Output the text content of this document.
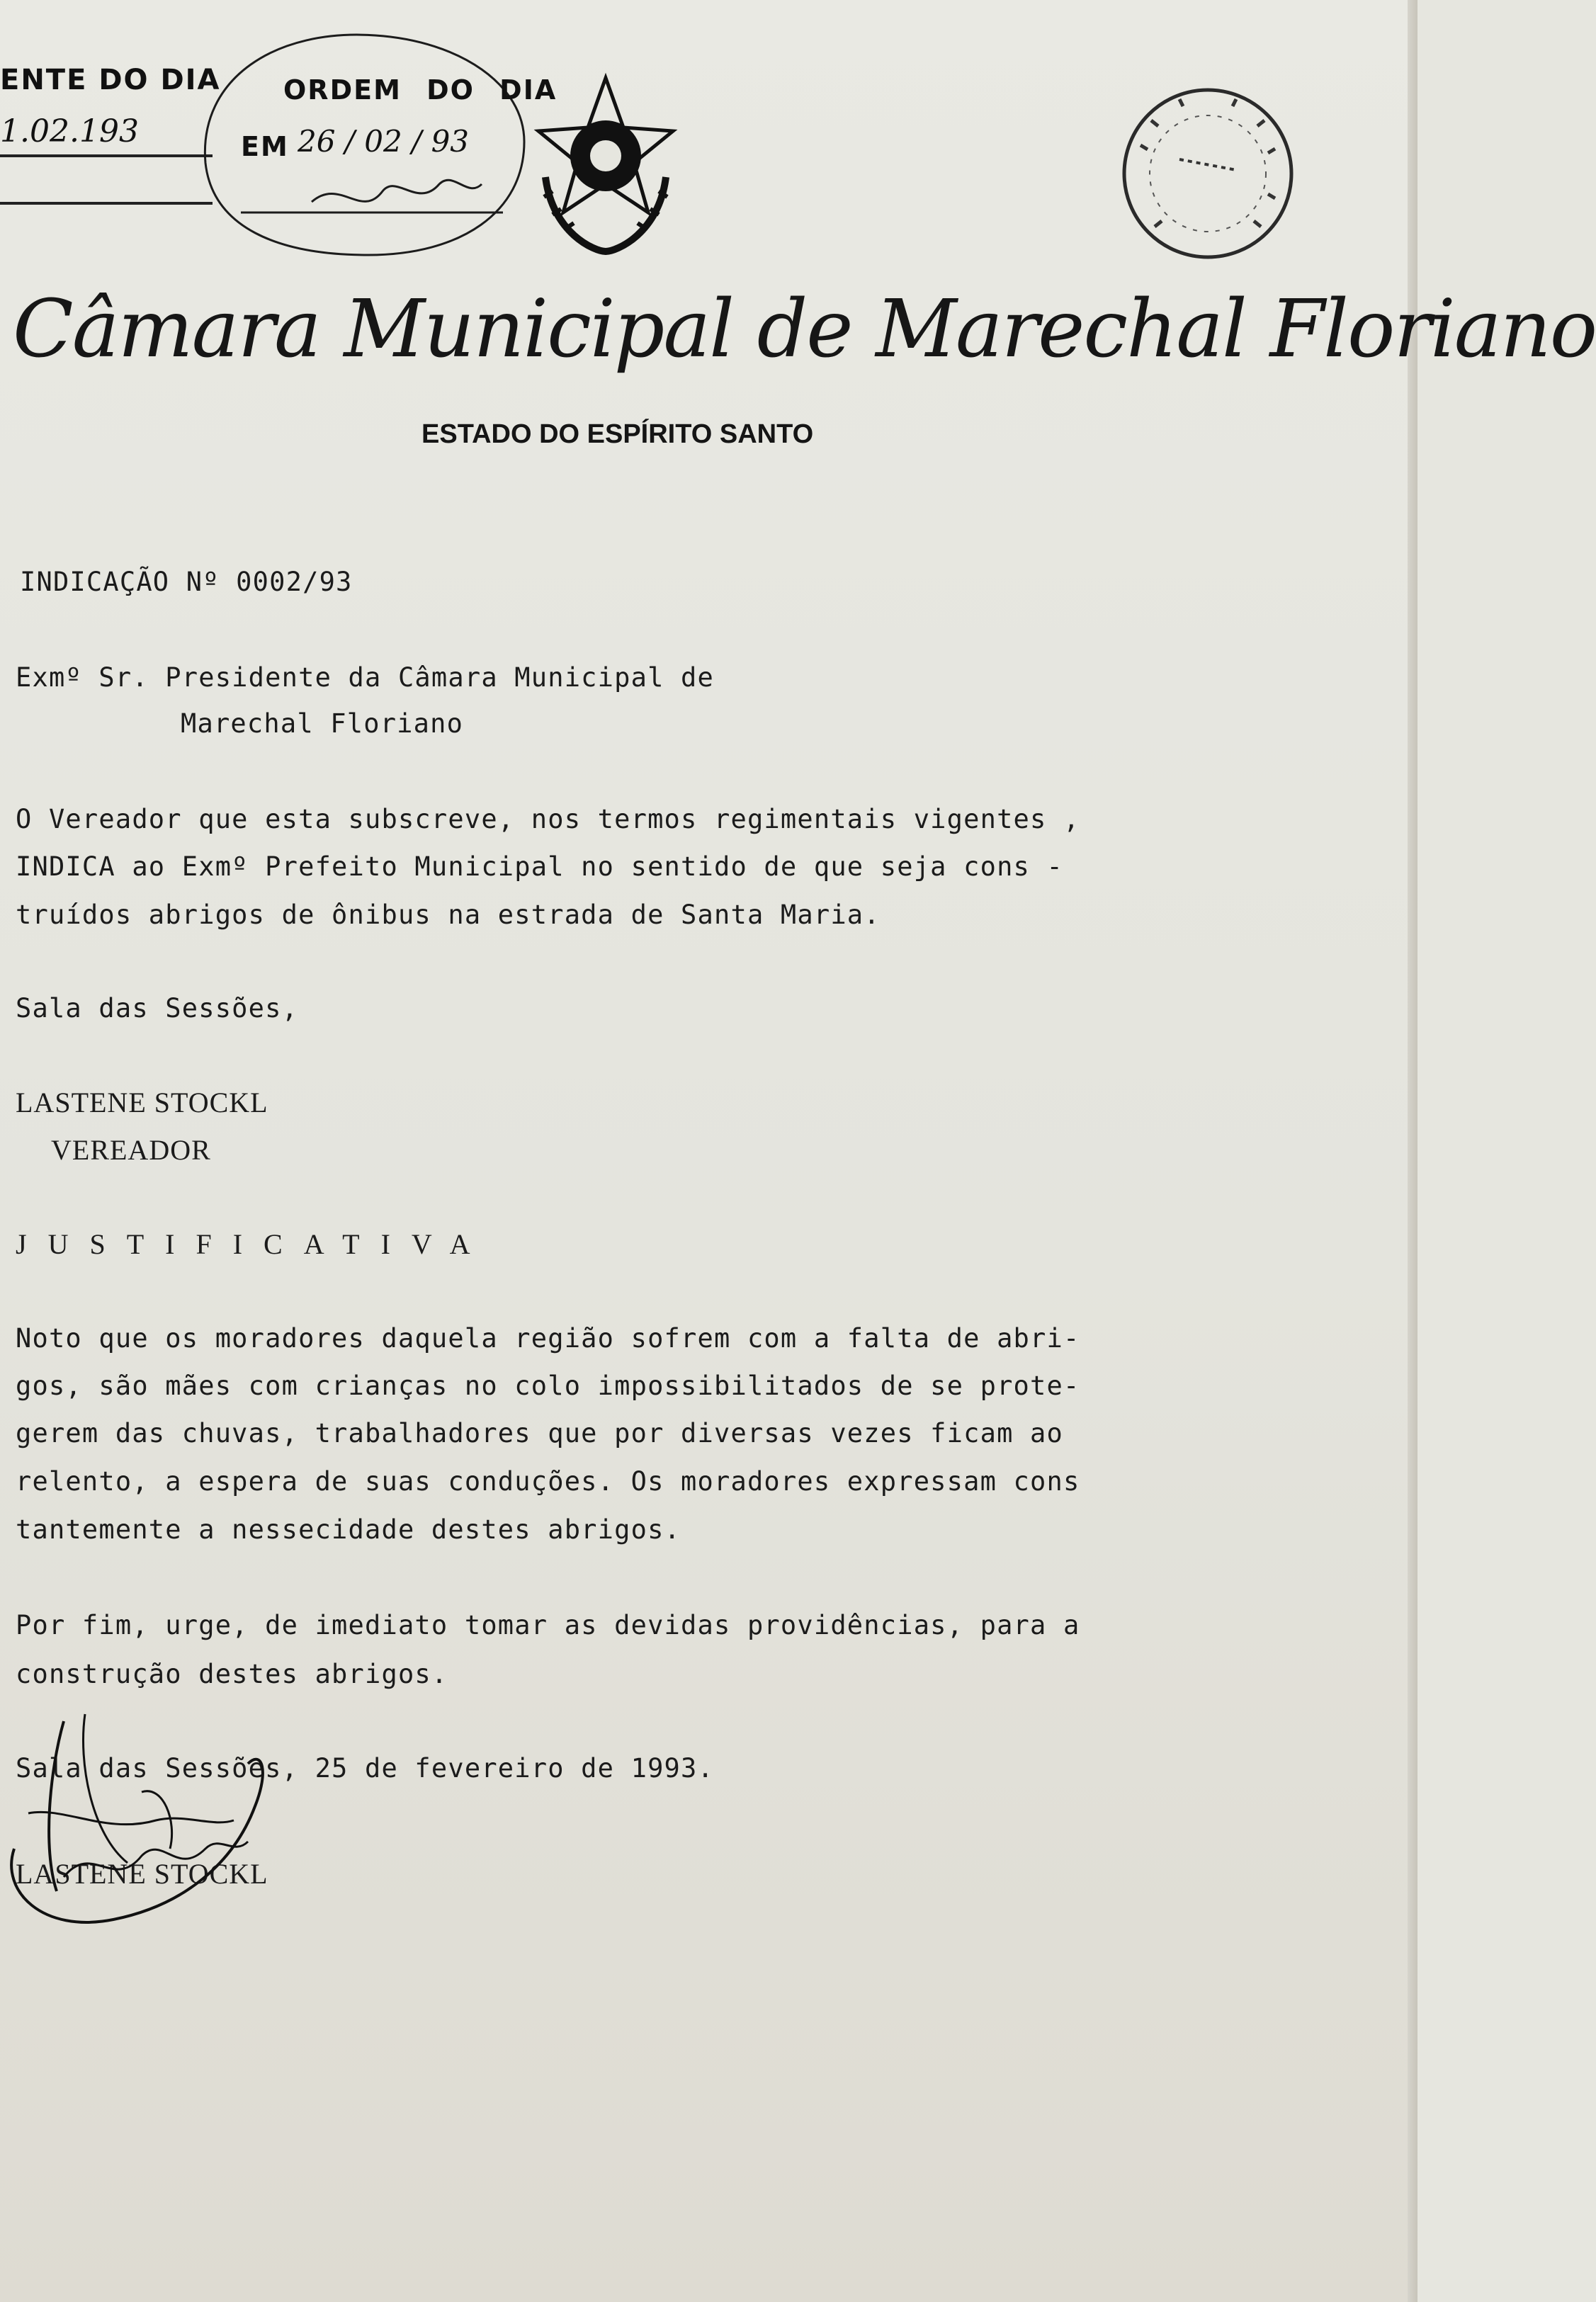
ENTE DO DIA
1.02.193
ORDEM DO DIA
EM 26 / 02 / 93
Câmara Municipal de Marechal Floriano
ESTADO DO ESPÍRITO SANTO
INDICAÇÃO Nº 0002/93
Exmº Sr. Presidente da Câmara Municipal de
Marechal Floriano
O Vereador que esta subscreve, nos termos regimentais vigentes ,
INDICA ao Exmº Prefeito Municipal no sentido de que seja cons -
truídos abrigos de ônibus na estrada de Santa Maria.
Sala das Sessões,
LASTENE STOCKL
VEREADOR
JUSTIFICATIVA
Noto que os moradores daquela região sofrem com a falta de abri-
gos, são mães com crianças no colo impossibilitados de se prote-
gerem das chuvas, trabalhadores que por diversas vezes ficam ao
relento, a espera de suas conduções. Os moradores expressam cons
tantemente a nessecidade destes abrigos.
Por fim, urge, de imediato tomar as devidas providências, para a
construção destes abrigos.
Sala das Sessões, 25 de fevereiro de 1993.
LASTENE STOCKL
